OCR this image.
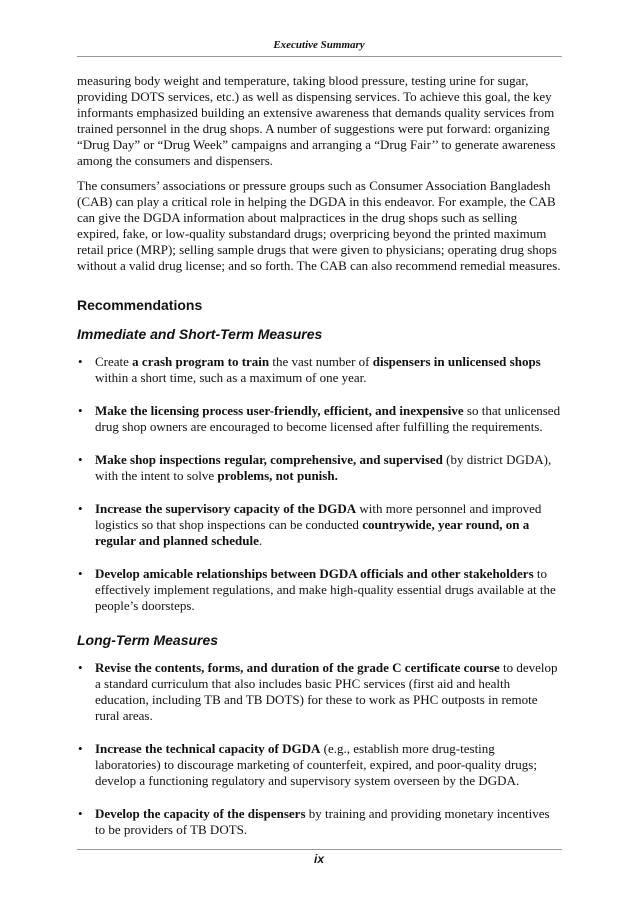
Executive Summary

measuring body weight and temperature, taking blood pressure, testing urine for sugar, providing DOTS services, etc.) as well as dispensing services. To achieve this goal, the key informants emphasized building an extensive awareness that demands quality services from trained personnel in the drug shops. A number of suggestions were put forward: organizing “Drug Day” or “Drug Week” campaigns and arranging a “Drug Fair’’ to generate awareness among the consumers and dispensers.

The consumers’ associations or pressure groups such as Consumer Association Bangladesh (CAB) can play a critical role in helping the DGDA in this endeavor. For example, the CAB can give the DGDA information about malpractices in the drug shops such as selling expired, fake, or low-quality substandard drugs; overpricing beyond the printed maximum retail price (MRP); selling sample drugs that were given to physicians; operating drug shops without a valid drug license; and so forth. The CAB can also recommend remedial measures.

Recommendations
Immediate and Short-Term Measures
• Create a crash program to train the vast number of dispensers in unlicensed shops within a short time, such as a maximum of one year.
• Make the licensing process user-friendly, efficient, and inexpensive so that unlicensed drug shop owners are encouraged to become licensed after fulfilling the requirements.
• Make shop inspections regular, comprehensive, and supervised (by district DGDA), with the intent to solve problems, not punish.
• Increase the supervisory capacity of the DGDA with more personnel and improved logistics so that shop inspections can be conducted countrywide, year round, on a regular and planned schedule.
• Develop amicable relationships between DGDA officials and other stakeholders to effectively implement regulations, and make high-quality essential drugs available at the people’s doorsteps.
Long-Term Measures
• Revise the contents, forms, and duration of the grade C certificate course to develop a standard curriculum that also includes basic PHC services (first aid and health education, including TB and TB DOTS) for these to work as PHC outposts in remote rural areas.
• Increase the technical capacity of DGDA (e.g., establish more drug-testing laboratories) to discourage marketing of counterfeit, expired, and poor-quality drugs; develop a functioning regulatory and supervisory system overseen by the DGDA.
• Develop the capacity of the dispensers by training and providing monetary incentives to be providers of TB DOTS.
ix
